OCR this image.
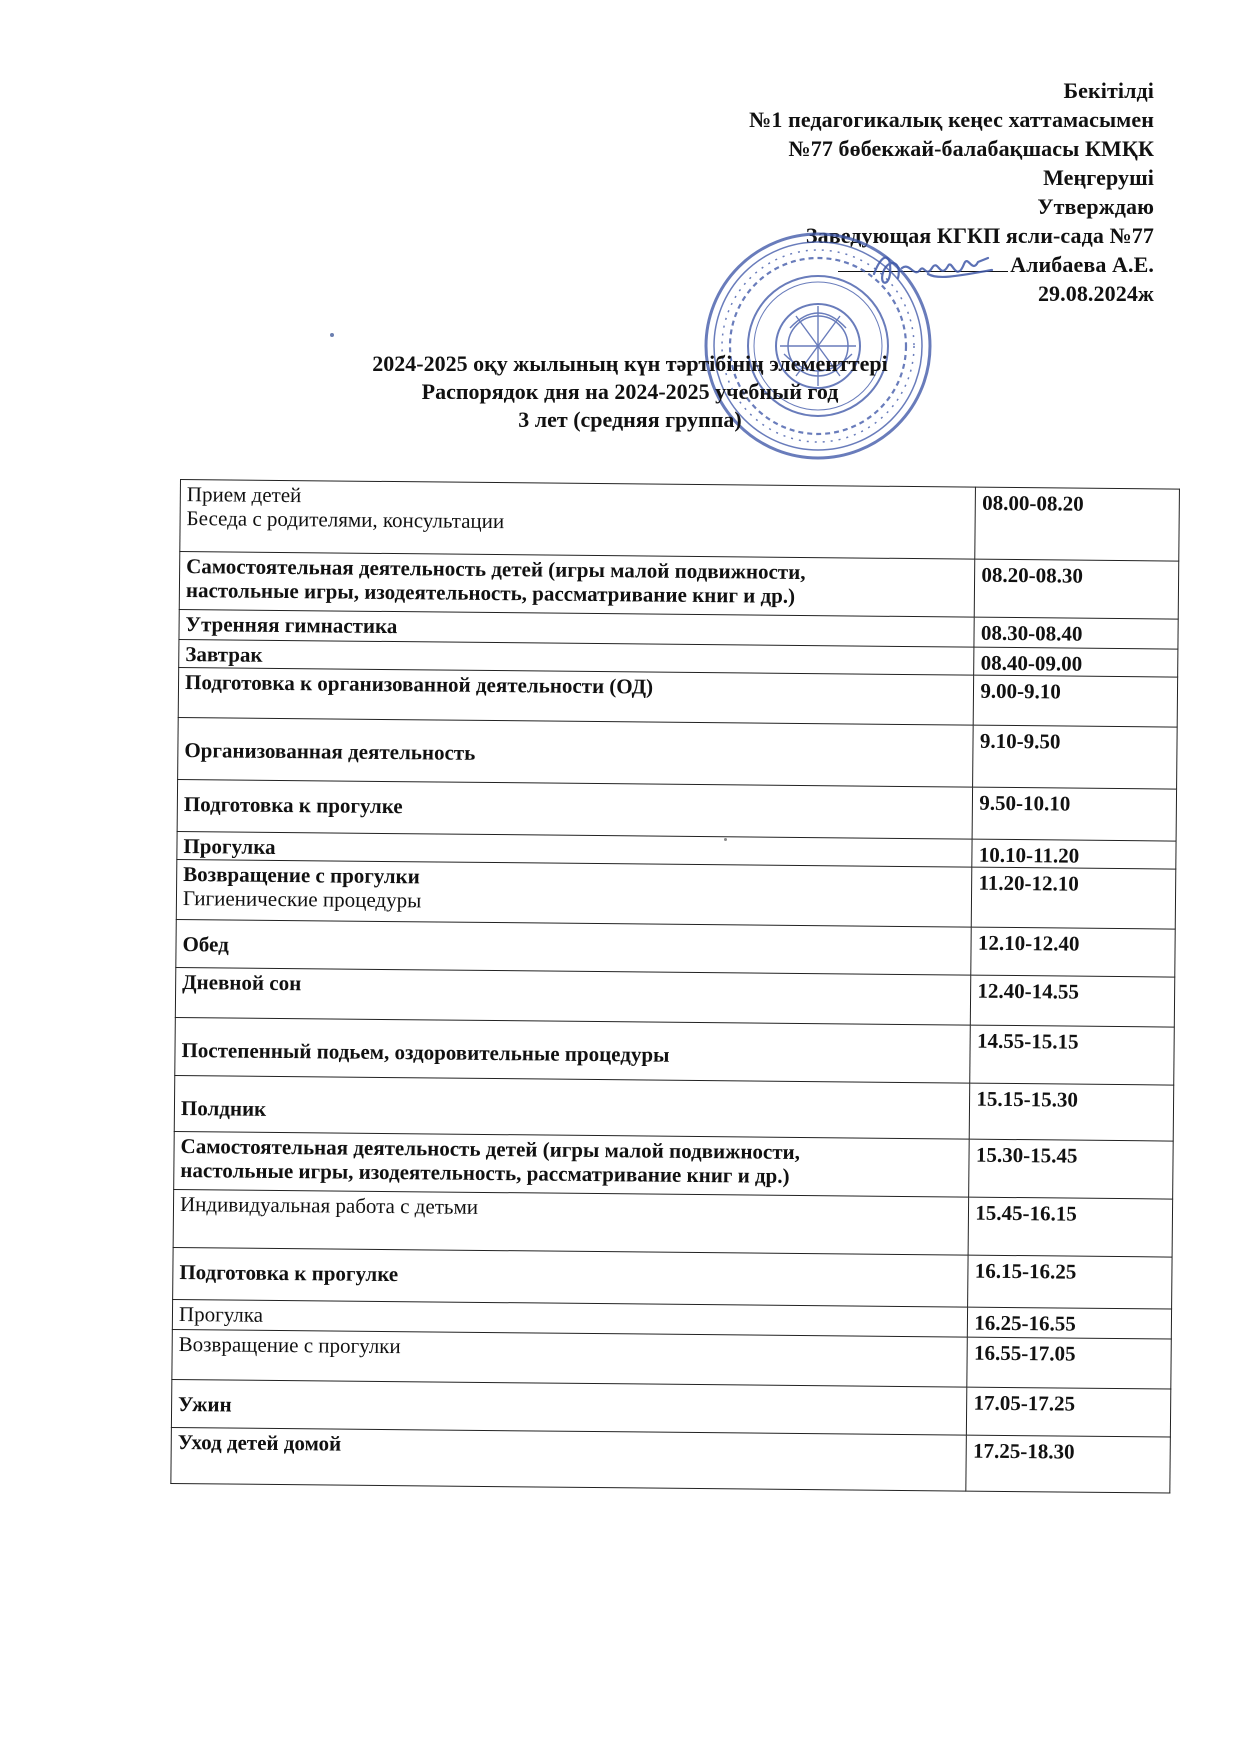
Бекітілді
№1 педагогикалық кеңес хаттамасымен
№77 бөбекжай-балабақшасы КМҚК
Меңгеруші
Утверждаю
Заведующая КГКП ясли-сада №77
Алибаева А.Е.
29.08.2024ж
2024-2025 оқу жылының күн тәртібінің элементтері
Распорядок дня на 2024-2025 учебный год
3 лет (средняя группа)
Прием детей
Беседа с родителями, консультации	08.00-08.20

Самостоятельная деятельность детей (игры малой подвижности,
настольные игры, изодеятельность, рассматривание книг и др.)	08.20-08.30

Утренняя гимнастика	08.30-08.40

Завтрак	08.40-09.00

Подготовка к организованной деятельности (ОД)	9.00-9.10

Организованная деятельность	9.10-9.50

Подготовка к прогулке	9.50-10.10

Прогулка	10.10-11.20

Возвращение с прогулки
Гигиенические процедуры	11.20-12.10

Обед	12.10-12.40

Дневной сон	12.40-14.55

Постепенный подьем, оздоровительные процедуры	14.55-15.15

Полдник	15.15-15.30

Самостоятельная деятельность детей (игры малой подвижности,
настольные игры, изодеятельность, рассматривание книг и др.)	15.30-15.45

Индивидуальная работа с детьми	15.45-16.15

Подготовка к прогулке	16.15-16.25

Прогулка	16.25-16.55

Возвращение с прогулки	16.55-17.05

Ужин	17.05-17.25

Уход детей домой	17.25-18.30
